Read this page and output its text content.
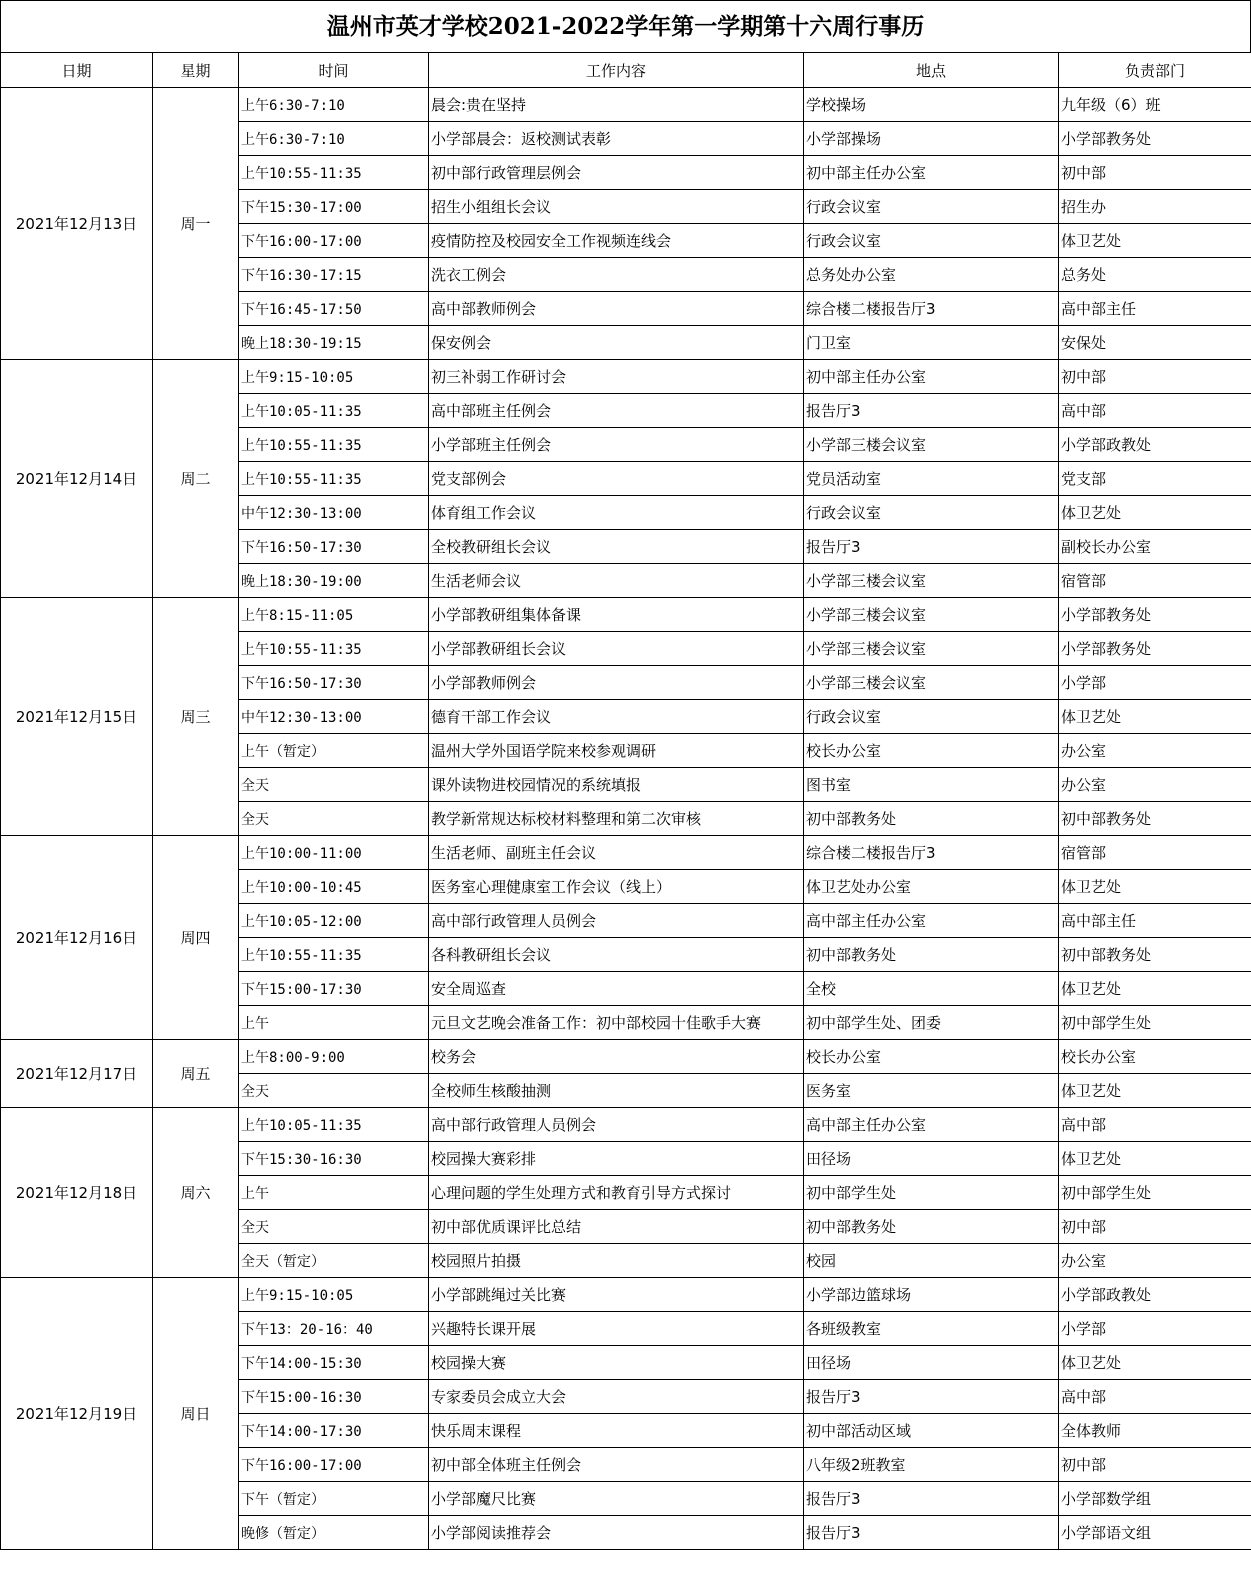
温州市英才学校2021-2022学年第一学期第十六周行事历
日期	星期	时间	工作内容	地点	负责部门
2021年12月13日	周一	上午6:30-7:10	晨会:贵在坚持	学校操场	九年级（6）班
		上午6:30-7:10	小学部晨会：返校测试表彰	小学部操场	小学部教务处
		上午10:55-11:35	初中部行政管理层例会	初中部主任办公室	初中部
		下午15:30-17:00	招生小组组长会议	行政会议室	招生办
		下午16:00-17:00	疫情防控及校园安全工作视频连线会	行政会议室	体卫艺处
		下午16:30-17:15	洗衣工例会	总务处办公室	总务处
		下午16:45-17:50	高中部教师例会	综合楼二楼报告厅3	高中部主任
		晚上18:30-19:15	保安例会	门卫室	安保处
2021年12月14日	周二	上午9:15-10:05	初三补弱工作研讨会	初中部主任办公室	初中部
		上午10:05-11:35	高中部班主任例会	报告厅3	高中部
		上午10:55-11:35	小学部班主任例会	小学部三楼会议室	小学部政教处
		上午10:55-11:35	党支部例会	党员活动室	党支部
		中午12:30-13:00	体育组工作会议	行政会议室	体卫艺处
		下午16:50-17:30	全校教研组长会议	报告厅3	副校长办公室
		晚上18:30-19:00	生活老师会议	小学部三楼会议室	宿管部
2021年12月15日	周三	上午8:15-11:05	小学部教研组集体备课	小学部三楼会议室	小学部教务处
		上午10:55-11:35	小学部教研组长会议	小学部三楼会议室	小学部教务处
		下午16:50-17:30	小学部教师例会	小学部三楼会议室	小学部
		中午12:30-13:00	德育干部工作会议	行政会议室	体卫艺处
		上午（暂定）	温州大学外国语学院来校参观调研	校长办公室	办公室
		全天	课外读物进校园情况的系统填报	图书室	办公室
		全天	教学新常规达标校材料整理和第二次审核	初中部教务处	初中部教务处
2021年12月16日	周四	上午10:00-11:00	生活老师、副班主任会议	综合楼二楼报告厅3	宿管部
		上午10:00-10:45	医务室心理健康室工作会议（线上）	体卫艺处办公室	体卫艺处
		上午10:05-12:00	高中部行政管理人员例会	高中部主任办公室	高中部主任
		上午10:55-11:35	各科教研组长会议	初中部教务处	初中部教务处
		下午15:00-17:30	安全周巡查	全校	体卫艺处
		上午	元旦文艺晚会准备工作：初中部校园十佳歌手大赛	初中部学生处、团委	初中部学生处
2021年12月17日	周五	上午8:00-9:00	校务会	校长办公室	校长办公室
		全天	全校师生核酸抽测	医务室	体卫艺处
2021年12月18日	周六	上午10:05-11:35	高中部行政管理人员例会	高中部主任办公室	高中部
		下午15:30-16:30	校园操大赛彩排	田径场	体卫艺处
		上午	心理问题的学生处理方式和教育引导方式探讨	初中部学生处	初中部学生处
		全天	初中部优质课评比总结	初中部教务处	初中部
		全天（暂定）	校园照片拍摄	校园	办公室
2021年12月19日	周日	上午9:15-10:05	小学部跳绳过关比赛	小学部边篮球场	小学部政教处
		下午13：20-16：40	兴趣特长课开展	各班级教室	小学部
		下午14:00-15:30	校园操大赛	田径场	体卫艺处
		下午15:00-16:30	专家委员会成立大会	报告厅3	高中部
		下午14:00-17:30	快乐周末课程	初中部活动区域	全体教师
		下午16:00-17:00	初中部全体班主任例会	八年级2班教室	初中部
		下午（暂定）	小学部魔尺比赛	报告厅3	小学部数学组
		晚修（暂定）	小学部阅读推荐会	报告厅3	小学部语文组
